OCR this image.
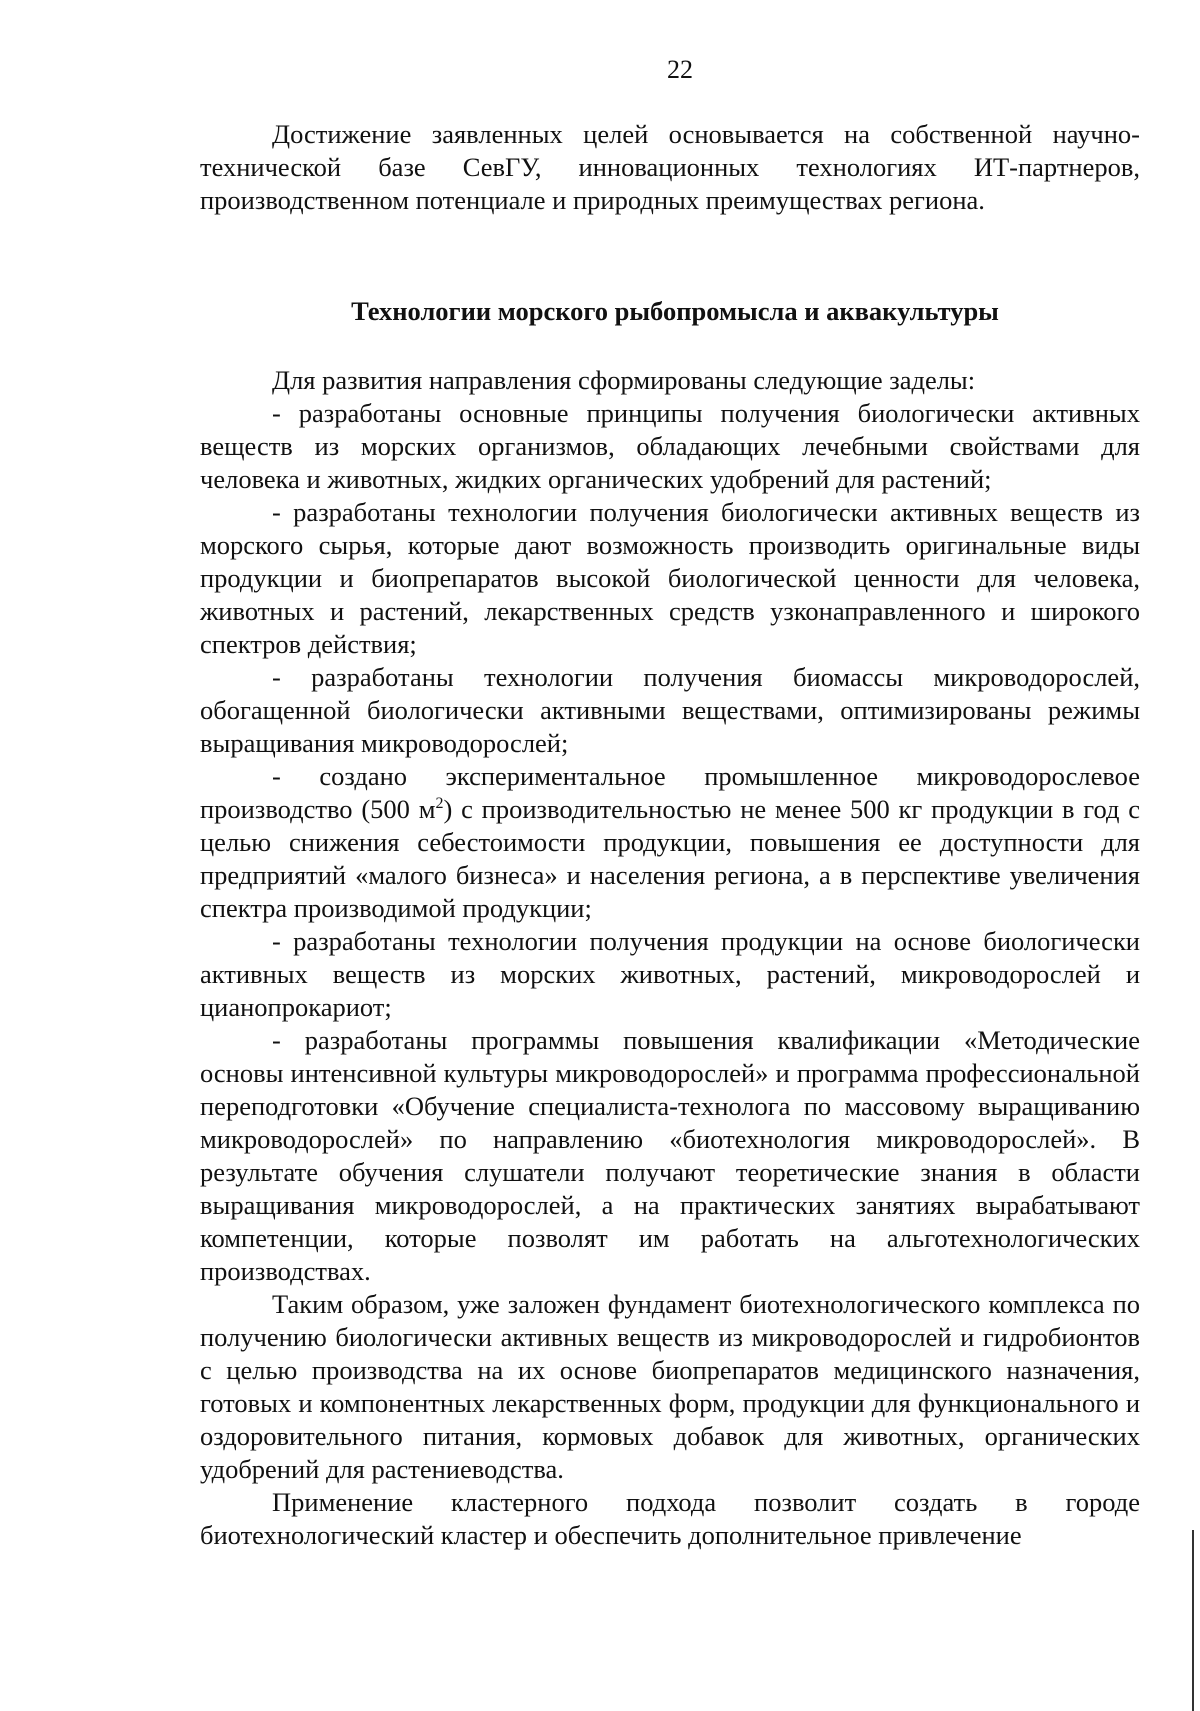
22

Достижение заявленных целей основывается на собственной научно-технической базе СевГУ, инновационных технологиях ИТ-партнеров, производственном потенциале и природных преимуществах региона.

Технологии морского рыбопромысла и аквакультуры

Для развития направления сформированы следующие заделы:

- разработаны основные принципы получения биологически активных веществ из морских организмов, обладающих лечебными свойствами для человека и животных, жидких органических удобрений для растений;

- разработаны технологии получения биологически активных веществ из морского сырья, которые дают возможность производить оригинальные виды продукции и биопрепаратов высокой биологической ценности для человека, животных и растений, лекарственных средств узконаправленного и широкого спектров действия;

- разработаны технологии получения биомассы микроводорослей, обогащенной биологически активными веществами, оптимизированы режимы выращивания микроводорослей;

- создано экспериментальное промышленное микроводорослевое производство (500 $м^2$) с производительностью не менее 500 кг продукции в год с целью снижения себестоимости продукции, повышения ее доступности для предприятий «малого бизнеса» и населения региона, а в перспективе увеличения спектра производимой продукции;

- разработаны технологии получения продукции на основе биологически активных веществ из морских животных, растений, микроводорослей и цианопрокариот;

- разработаны программы повышения квалификации «Методические основы интенсивной культуры микроводорослей» и программа профессиональной переподготовки «Обучение специалиста-технолога по массовому выращиванию микроводорослей» по направлению «биотехнология микроводорослей». В результате обучения слушатели получают теоретические знания в области выращивания микроводорослей, а на практических занятиях вырабатывают компетенции, которые позволят им работать на альготехнологических производствах.

Таким образом, уже заложен фундамент биотехнологического комплекса по получению биологически активных веществ из микроводорослей и гидробионтов с целью производства на их основе биопрепаратов медицинского назначения, готовых и компонентных лекарственных форм, продукции для функционального и оздоровительного питания, кормовых добавок для животных, органических удобрений для растениеводства.

Применение кластерного подхода позволит создать в городе биотехнологический кластер и обеспечить дополнительное привлечение
